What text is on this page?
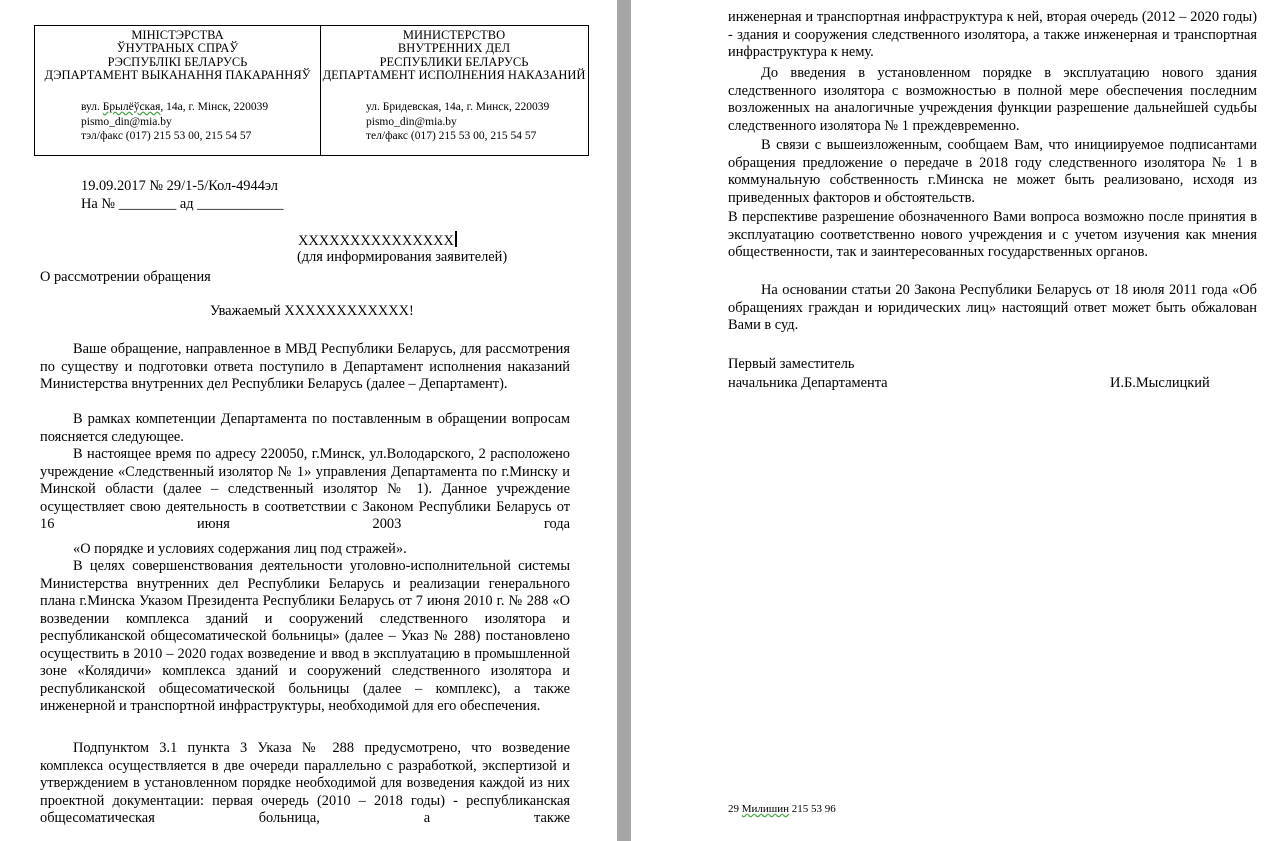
МІНІСТЭРСТВА
ЎНУТРАНЫХ СПРАЎ
РЭСПУБЛІКІ БЕЛАРУСЬ
ДЭПАРТАМЕНТ ВЫКАНАННЯ ПАКАРАННЯЎ
вул. Брылёўская, 14а, г. Мінск, 220039
pismo_din@mia.by
тэл/факс (017) 215 53 00, 215 54 57
МИНИСТЕРСТВО
ВНУТРЕННИХ ДЕЛ
РЕСПУБЛИКИ БЕЛАРУСЬ
ДЕПАРТАМЕНТ ИСПОЛНЕНИЯ НАКАЗАНИЙ
ул. Бридевская, 14а, г. Минск, 220039
pismo_din@mia.by
тел/факс (017) 215 53 00, 215 54 57
19.09.2017 № 29/1-5/Кол-4944эл
На № ________ ад ____________
ХХХХХХХХХХХХХХХ
(для информирования заявителей)
О рассмотрении обращения
Уважаемый ХХХХХХХХХХХХ!
Ваше обращение, направленное в МВД Республики Беларусь, для рассмотрения по существу и подготовки ответа поступило в Департамент исполнения наказаний Министерства внутренних дел Республики Беларусь (далее – Департамент).
В рамках компетенции Департамента по поставленным в обращении вопросам поясняется следующее.
В настоящее время по адресу 220050, г.Минск, ул.Володарского, 2 расположено учреждение «Следственный изолятор № 1» управления Департамента по г.Минску и Минской области (далее – следственный изолятор № 1). Данное учреждение осуществляет свою деятельность в соответствии с Законом Республики Беларусь от 16 июня 2003 года
«О порядке и условиях содержания лиц под стражей».
В целях совершенствования деятельности уголовно-исполнительной системы Министерства внутренних дел Республики Беларусь и реализации генерального плана г.Минска Указом Президента Республики Беларусь от 7 июня 2010 г. № 288 «О возведении комплекса зданий и сооружений следственного изолятора и республиканской общесоматической больницы» (далее – Указ № 288) постановлено осуществить в 2010 – 2020 годах возведение и ввод в эксплуатацию в промышленной зоне «Колядичи» комплекса зданий и сооружений следственного изолятора и республиканской общесоматической больницы (далее – комплекс), а также инженерной и транспортной инфраструктуры, необходимой для его обеспечения.
Подпунктом 3.1 пункта 3 Указа № 288 предусмотрено, что возведение комплекса осуществляется в две очереди параллельно с разработкой, экспертизой и утверждением в установленном порядке необходимой для возведения каждой из них проектной документации: первая очередь (2010 – 2018 годы) - республиканская общесоматическая больница, а также
инженерная и транспортная инфраструктура к ней, вторая очередь (2012 – 2020 годы) - здания и сооружения следственного изолятора, а также инженерная и транспортная инфраструктура к нему.
До введения в установленном порядке в эксплуатацию нового здания следственного изолятора с возможностью в полной мере обеспечения последним возложенных на аналогичные учреждения функции разрешение дальнейшей судьбы следственного изолятора № 1 преждевременно.
В связи с вышеизложенным, сообщаем Вам, что инициируемое подписантами обращения предложение о передаче в 2018 году следственного изолятора № 1 в коммунальную собственность г.Минска не может быть реализовано, исходя из приведенных факторов и обстоятельств.
В перспективе разрешение обозначенного Вами вопроса возможно после принятия в эксплуатацию соответственно нового учреждения и с учетом изучения как мнения общественности, так и заинтересованных государственных органов.
На основании статьи 20 Закона Республики Беларусь от 18 июля 2011 года «Об обращениях граждан и юридических лиц» настоящий ответ может быть обжалован Вами в суд.
Первый заместитель
начальника Департамента	И.Б.Мыслицкий
29 Милишин 215 53 96
